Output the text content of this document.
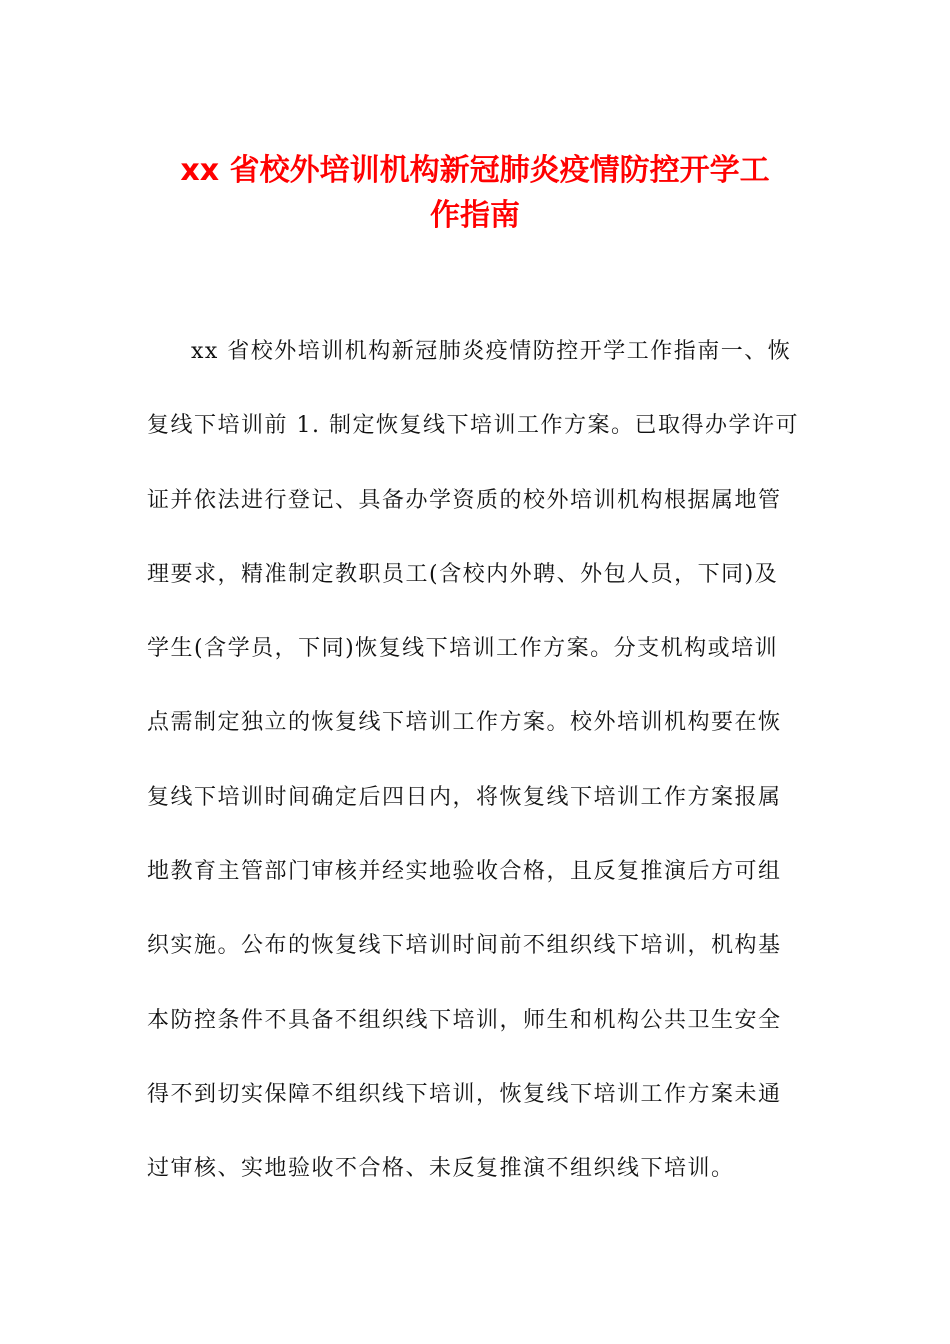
xx 省校外培训机构新冠肺炎疫情防控开学工
作指南
xx 省校外培训机构新冠肺炎疫情防控开学工作指南一、恢
复线下培训前 1. 制定恢复线下培训工作方案。已取得办学许可
证并依法进行登记、具备办学资质的校外培训机构根据属地管
理要求，精准制定教职员工(含校内外聘、外包人员，下同)及
学生(含学员，下同)恢复线下培训工作方案。分支机构或培训
点需制定独立的恢复线下培训工作方案。校外培训机构要在恢
复线下培训时间确定后四日内，将恢复线下培训工作方案报属
地教育主管部门审核并经实地验收合格，且反复推演后方可组
织实施。公布的恢复线下培训时间前不组织线下培训，机构基
本防控条件不具备不组织线下培训，师生和机构公共卫生安全
得不到切实保障不组织线下培训，恢复线下培训工作方案未通
过审核、实地验收不合格、未反复推演不组织线下培训。
